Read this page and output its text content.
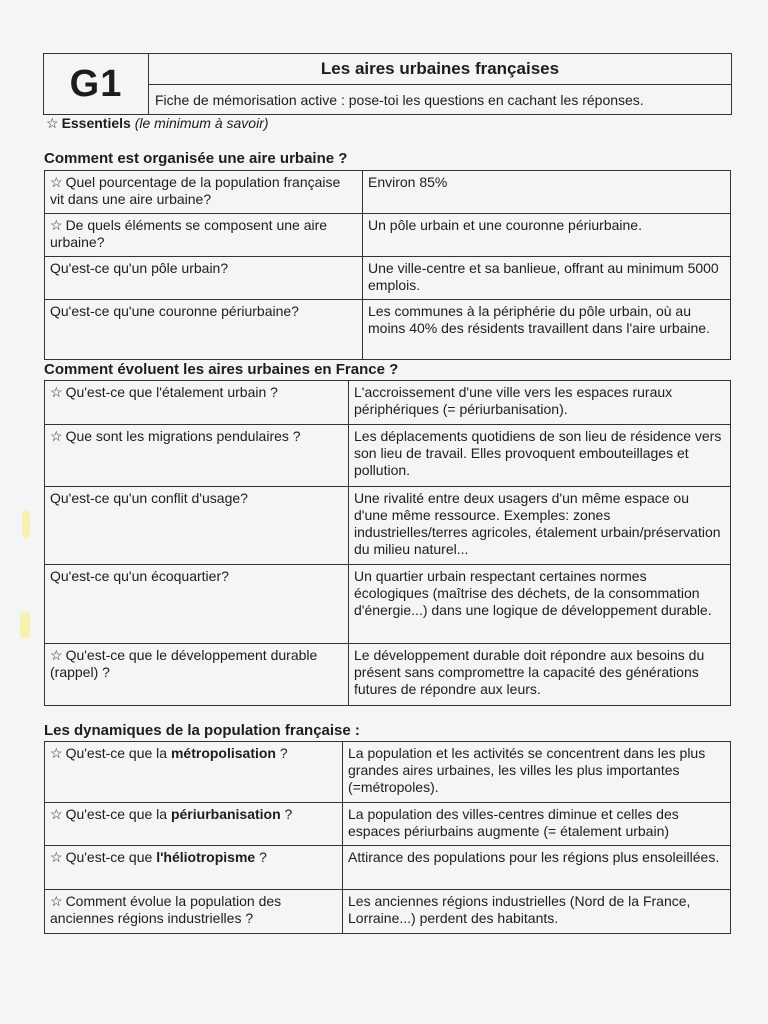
G1	Les aires urbaines françaises
Fiche de mémorisation active : pose-toi les questions en cachant les réponses.
☆ Essentiels (le minimum à savoir)
Comment est organisée une aire urbaine ?
☆ Quel pourcentage de la population française vit dans une aire urbaine?	Environ 85%
☆ De quels éléments se composent une aire urbaine?	Un pôle urbain et une couronne périurbaine.
Qu'est-ce qu'un pôle urbain?	Une ville-centre et sa banlieue, offrant au minimum 5000 emplois.
Qu'est-ce qu'une couronne périurbaine?	Les communes à la périphérie du pôle urbain, où au moins 40% des résidents travaillent dans l'aire urbaine.
Comment évoluent les aires urbaines en France ?
☆ Qu'est-ce que l'étalement urbain ?	L'accroissement d'une ville vers les espaces ruraux périphériques (= périurbanisation).
☆ Que sont les migrations pendulaires ?	Les déplacements quotidiens de son lieu de résidence vers son lieu de travail. Elles provoquent embouteillages et pollution.
Qu'est-ce qu'un conflit d'usage?	Une rivalité entre deux usagers d'un même espace ou d'une même ressource. Exemples: zones industrielles/terres agricoles, étalement urbain/préservation du milieu naturel...
Qu'est-ce qu'un écoquartier?	Un quartier urbain respectant certaines normes écologiques (maîtrise des déchets, de la consommation d'énergie...) dans une logique de développement durable.
☆ Qu'est-ce que le développement durable (rappel) ?	Le développement durable doit répondre aux besoins du présent sans compromettre la capacité des générations futures de répondre aux leurs.
Les dynamiques de la population française :
☆ Qu'est-ce que la métropolisation ?	La population et les activités se concentrent dans les plus grandes aires urbaines, les villes les plus importantes (=métropoles).
☆ Qu'est-ce que la périurbanisation ?	La population des villes-centres diminue et celles des espaces périurbains augmente (= étalement urbain)
☆ Qu'est-ce que l'héliotropisme ?	Attirance des populations pour les régions plus ensoleillées.
☆ Comment évolue la population des anciennes régions industrielles ?	Les anciennes régions industrielles (Nord de la France, Lorraine...) perdent des habitants.
